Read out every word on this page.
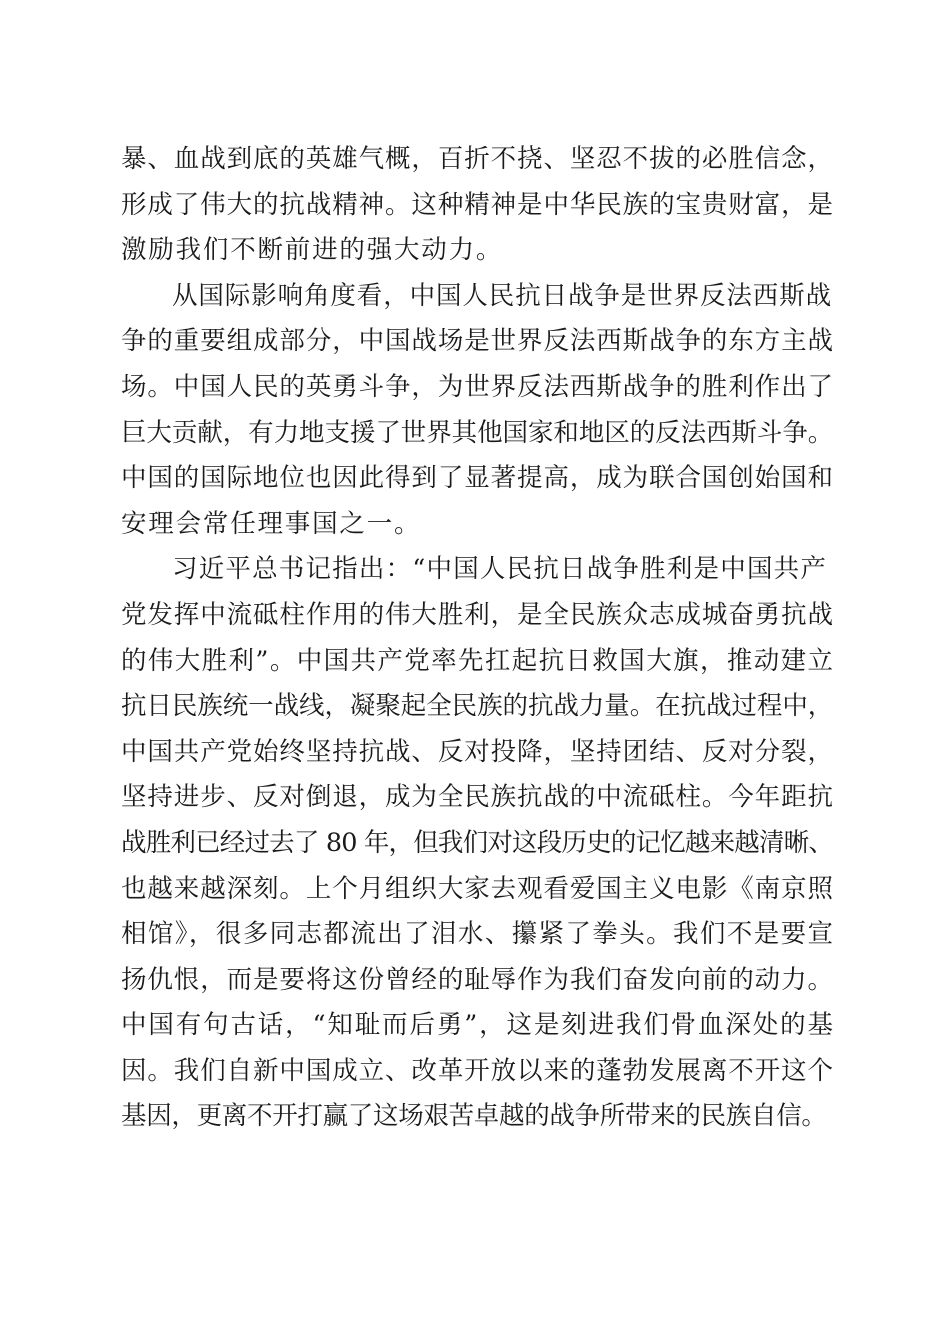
暴、血战到底的英雄气概，百折不挠、坚忍不拔的必胜信念，
形成了伟大的抗战精神。这种精神是中华民族的宝贵财富，是
激励我们不断前进的强大动力。
从国际影响角度看，中国人民抗日战争是世界反法西斯战
争的重要组成部分，中国战场是世界反法西斯战争的东方主战
场。中国人民的英勇斗争，为世界反法西斯战争的胜利作出了
巨大贡献，有力地支援了世界其他国家和地区的反法西斯斗争。
中国的国际地位也因此得到了显著提高，成为联合国创始国和
安理会常任理事国之一。
习近平总书记指出：“中国人民抗日战争胜利是中国共产
党发挥中流砥柱作用的伟大胜利，是全民族众志成城奋勇抗战
的伟大胜利”。中国共产党率先扛起抗日救国大旗，推动建立
抗日民族统一战线，凝聚起全民族的抗战力量。在抗战过程中，
中国共产党始终坚持抗战、反对投降，坚持团结、反对分裂，
坚持进步、反对倒退，成为全民族抗战的中流砥柱。今年距抗
战胜利已经过去了 80 年，但我们对这段历史的记忆越来越清晰、
也越来越深刻。上个月组织大家去观看爱国主义电影《南京照
相馆》，很多同志都流出了泪水、攥紧了拳头。我们不是要宣
扬仇恨，而是要将这份曾经的耻辱作为我们奋发向前的动力。
中国有句古话，“知耻而后勇”，这是刻进我们骨血深处的基
因。我们自新中国成立、改革开放以来的蓬勃发展离不开这个
基因，更离不开打赢了这场艰苦卓越的战争所带来的民族自信。
